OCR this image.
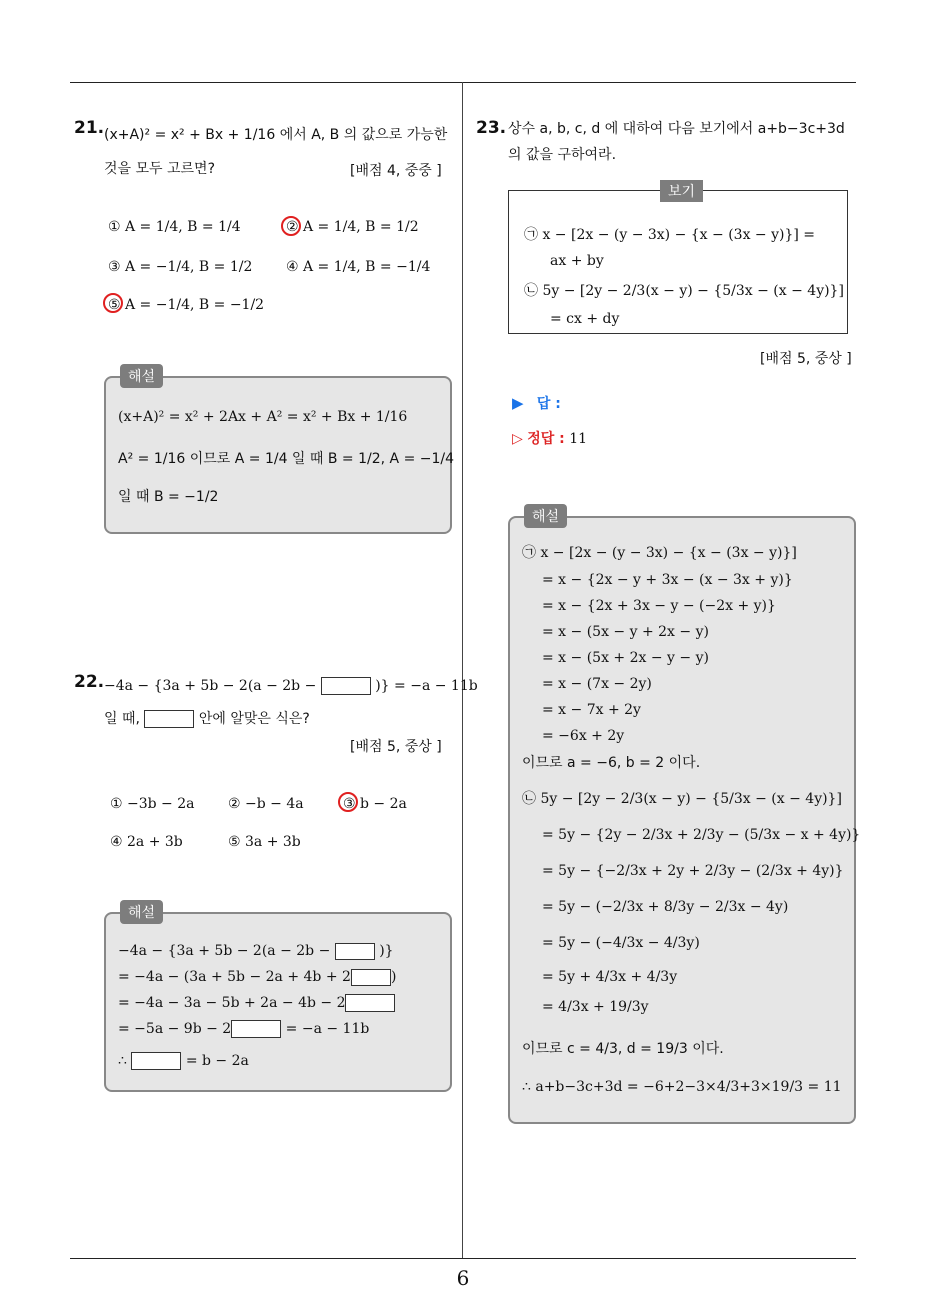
6
21. (x+A)² = x² + Bx + 1/16 에서 A, B 의 값으로 가능한
것을 모두 고르면?	[배점 4, 중중 ]
① A = 1/4, B = 1/4	② A = 1/4, B = 1/2
③ A = −1/4, B = 1/2 ④ A = 1/4, B = −1/4
⑤ A = −1/4, B = −1/2
해설
(x+A)² = x² + 2Ax + A² = x² + Bx + 1/16
A² = 1/16 이므로 A = 1/4 일 때 B = 1/2, A = −1/4
일 때 B = −1/2
22. −4a − {3a + 5b − 2(a − 2b −	)} = −a − 11b
일 때,	안에 알맞은 식은?
[배점 5, 중상 ]
① −3b − 2a ② −b − 4a	③ b − 2a
④ 2a + 3b	⑤ 3a + 3b
해설
−4a − {3a + 5b − 2(a − 2b −	)}
= −4a − (3a + 5b − 2a + 4b + 2	)
= −4a − 3a − 5b + 2a − 4b − 2
= −5a − 9b − 2	= −a − 11b
∴	= b − 2a
23. 상수 a, b, c, d 에 대하여 다음 보기에서 a+b−3c+3d
의 값을 구하여라.
보기
㉠ x − [2x − (y − 3x) − {x − (3x − y)}] =
ax + by
㉡ 5y − [2y − 2/3(x − y) − {5/3x − (x − 4y)}]
= cx + dy
[배점 5, 중상 ]
▶ 답 :
▷ 정답 : 11
해설
㉠ x − [2x − (y − 3x) − {x − (3x − y)}]
= x − {2x − y + 3x − (x − 3x + y)}
= x − {2x + 3x − y − (−2x + y)}
= x − (5x − y + 2x − y)
= x − (5x + 2x − y − y)
= x − (7x − 2y)
= x − 7x + 2y
= −6x + 2y
이므로 a = −6, b = 2 이다.
㉡ 5y − [2y − 2/3(x − y) − {5/3x − (x − 4y)}]
= 5y − {2y − 2/3x + 2/3y − (5/3x − x + 4y)}
= 5y − {−2/3x + 2y + 2/3y − (2/3x + 4y)}
= 5y − (−2/3x + 8/3y − 2/3x − 4y)
= 5y − (−4/3x − 4/3y)
= 5y + 4/3x + 4/3y
= 4/3x + 19/3y
이므로 c = 4/3, d = 19/3 이다.
∴ a+b−3c+3d = −6+2−3×4/3+3×19/3 = 11
